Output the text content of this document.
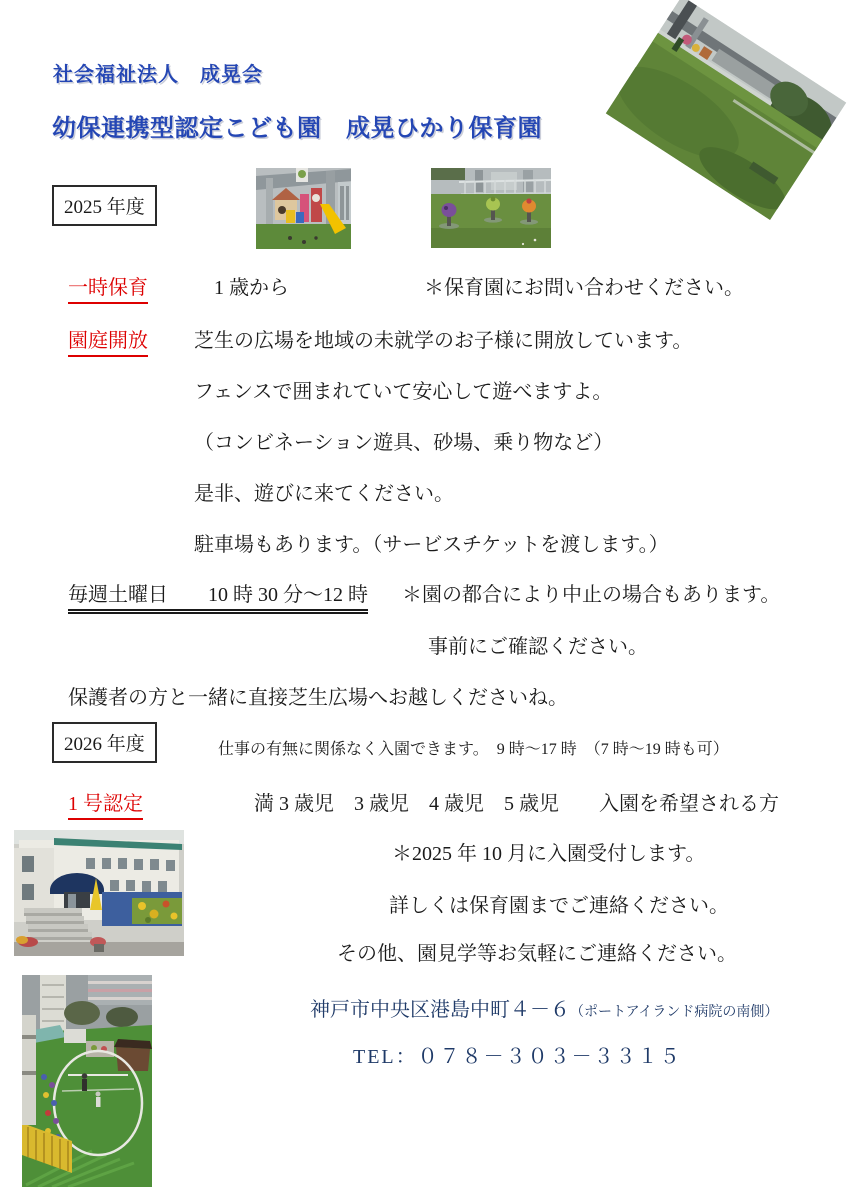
社会福祉法人　成晃会
幼保連携型認定こども園　成晃ひかり保育園
2025 年度
一時保育	1 歳から	＊保育園にお問い合わせください。
園庭開放 芝生の広場を地域の未就学のお子様に開放しています。
フェンスで囲まれていて安心して遊べますよ。
（コンビネーション遊具、砂場、乗り物など）
是非、遊びに来てください。
駐車場もあります。（サービスチケットを渡します。）
毎週土曜日　　10 時 30 分～12 時 ＊園の都合により中止の場合もあります。
事前にご確認ください。
保護者の方と一緒に直接芝生広場へお越しくださいね。
2026 年度	仕事の有無に関係なく入園できます。　9 時～17 時　（7 時～19 時も可）
1 号認定	満 3 歳児　3 歳児　4 歳児　5 歳児　　入園を希望される方
＊2025 年 10 月に入園受付します。
詳しくは保育園までご連絡ください。
その他、園見学等お気軽にご連絡ください。
神戸市中央区港島中町４－６（ポートアイランド病院の南側）
TEL：０７８－３０３－３３１５
